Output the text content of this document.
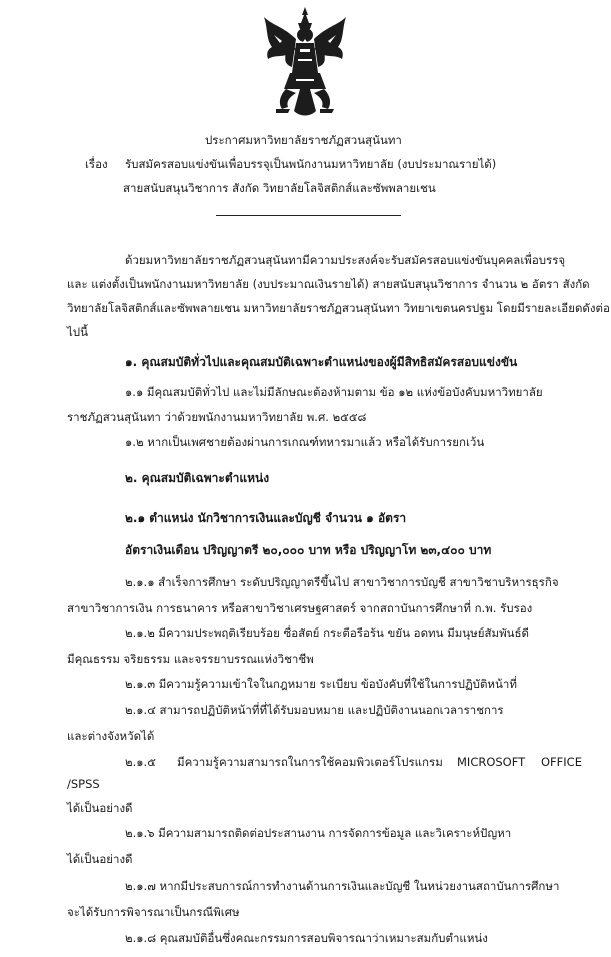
ประกาศมหาวิทยาลัยราชภัฏสวนสุนันทา
เรื่อง รับสมัครสอบแข่งขันเพื่อบรรจุเป็นพนักงานมหาวิทยาลัย (งบประมาณรายได้)
สายสนับสนุนวิชาการ สังกัด วิทยาลัยโลจิสติกส์และซัพพลายเชน
ด้วยมหาวิทยาลัยราชภัฏสวนสุนันทามีความประสงค์จะรับสมัครสอบแข่งขันบุคคลเพื่อบรรจุ
และ แต่งตั้งเป็นพนักงานมหาวิทยาลัย (งบประมาณเงินรายได้) สายสนับสนุนวิชาการ จำนวน ๒ อัตรา สังกัด
วิทยาลัยโลจิสติกส์และซัพพลายเชน มหาวิทยาลัยราชภัฏสวนสุนันทา วิทยาเขตนครปฐม โดยมีรายละเอียดดังต่อ
ไปนี้
๑. คุณสมบัติทั่วไปและคุณสมบัติเฉพาะตำแหน่งของผู้มีสิทธิสมัครสอบแข่งขัน
๑.๑ มีคุณสมบัติทั่วไป และไม่มีลักษณะต้องห้ามตาม ข้อ ๑๒ แห่งข้อบังคับมหาวิทยาลัย
ราชภัฏสวนสุนันทา ว่าด้วยพนักงานมหาวิทยาลัย พ.ศ. ๒๕๕๘
๑.๒ หากเป็นเพศชายต้องผ่านการเกณฑ์ทหารมาแล้ว หรือได้รับการยกเว้น
๒. คุณสมบัติเฉพาะตำแหน่ง
๒.๑ ตำแหน่ง นักวิชาการเงินและบัญชี จำนวน ๑ อัตรา
อัตราเงินเดือน ปริญญาตรี ๒๐,๐๐๐ บาท หรือ ปริญญาโท ๒๓,๔๐๐ บาท
๒.๑.๑ สำเร็จการศึกษา ระดับปริญญาตรีขึ้นไป สาขาวิชาการบัญชี สาขาวิชาบริหารธุรกิจ
สาขาวิชาการเงิน การธนาคาร หรือสาขาวิชาเศรษฐศาสตร์ จากสถาบันการศึกษาที่ ก.พ. รับรอง
๒.๑.๒ มีความประพฤติเรียบร้อย ซื่อสัตย์ กระตือรือร้น ขยัน อดทน มีมนุษย์สัมพันธ์ดี
มีคุณธรรม จริยธรรม และจรรยาบรรณแห่งวิชาชีพ
๒.๑.๓ มีความรู้ความเข้าใจในกฎหมาย ระเบียบ ข้อบังคับที่ใช้ในการปฏิบัติหน้าที่
๒.๑.๔ สามารถปฏิบัติหน้าที่ที่ได้รับมอบหมาย และปฏิบัติงานนอกเวลาราชการ
และต่างจังหวัดได้
๒.๑.๕ มีความรู้ความสามารถในการใช้คอมพิวเตอร์โปรแกรม MICROSOFT OFFICE
/SPSS
ได้เป็นอย่างดี
๒.๑.๖ มีความสามารถติดต่อประสานงาน การจัดการข้อมูล และวิเคราะห์ปัญหา
ได้เป็นอย่างดี
๒.๑.๗ หากมีประสบการณ์การทำงานด้านการเงินและบัญชี ในหน่วยงานสถาบันการศึกษา
จะได้รับการพิจารณาเป็นกรณีพิเศษ
๒.๑.๘ คุณสมบัติอื่นซึ่งคณะกรรมการสอบพิจารณาว่าเหมาะสมกับตำแหน่ง
